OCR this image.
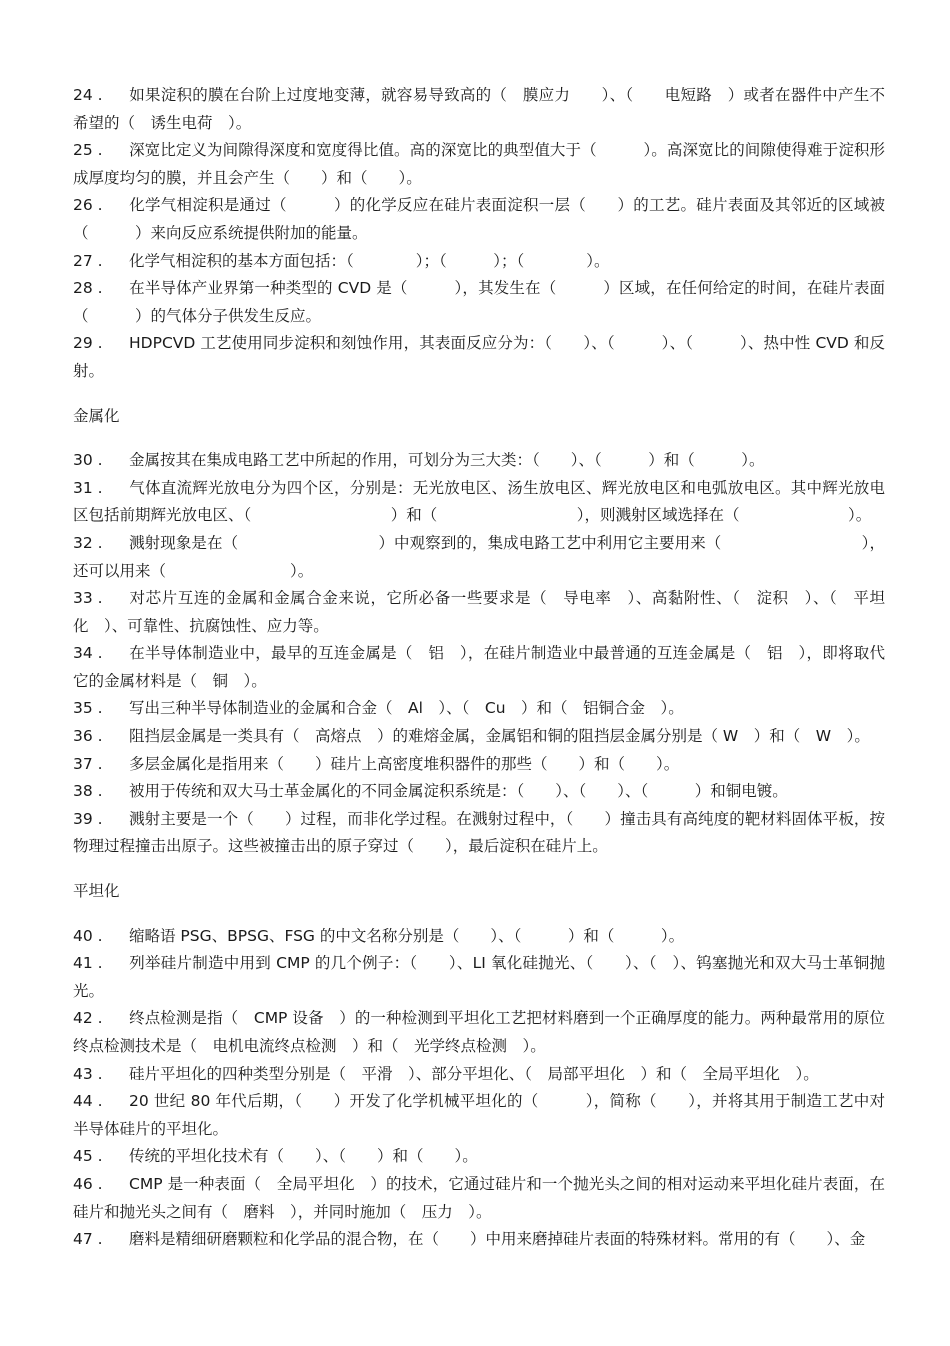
24 . 如果淀积的膜在台阶上过度地变薄，就容易导致高的（　膜应力　　）、（　　电短路　）或者在器件中产生不希望的（　诱生电荷　）。

25 . 深宽比定义为间隙得深度和宽度得比值。高的深宽比的典型值大于（　　　）。高深宽比的间隙使得难于淀积形成厚度均匀的膜，并且会产生（　　）和（　　）。

26 . 化学气相淀积是通过（　　　）的化学反应在硅片表面淀积一层（　　）的工艺。硅片表面及其邻近的区域被（　　　）来向反应系统提供附加的能量。

27 . 化学气相淀积的基本方面包括：（　　　　）；（　　　）；（　　　　）。

28 . 在半导体产业界第一种类型的 CVD 是（　　　），其发生在（　　　）区域，在任何给定的时间，在硅片表面（　　　）的气体分子供发生反应。

29 . HDPCVD 工艺使用同步淀积和刻蚀作用，其表面反应分为：（　　）、（　　　）、（　　　）、热中性 CVD 和反射。

金属化

30 . 金属按其在集成电路工艺中所起的作用，可划分为三大类：（　　）、（　　　）和（　　　）。

31 . 气体直流辉光放电分为四个区，分别是：无光放电区、汤生放电区、辉光放电区和电弧放电区。其中辉光放电区包括前期辉光放电区、（　　　　　　　　　）和（　　　　　　　　　），则溅射区域选择在（　　　　　　　）。

32 . 溅射现象是在（　　　　　　　　　）中观察到的，集成电路工艺中利用它主要用来（　　　　　　　　　），还可以用来（　　　　　　　　）。

33 . 对芯片互连的金属和金属合金来说，它所必备一些要求是（　导电率　）、高黏附性、（　淀积　）、（　平坦化　）、可靠性、抗腐蚀性、应力等。

34 . 在半导体制造业中，最早的互连金属是（　铝　），在硅片制造业中最普通的互连金属是（　铝　），即将取代它的金属材料是（　铜　）。

35 . 写出三种半导体制造业的金属和合金（　Al　）、（　Cu　）和（　铝铜合金　）。

36 . 阻挡层金属是一类具有（　高熔点　）的难熔金属，金属铝和铜的阻挡层金属分别是（ W　）和（　W　）。

37 . 多层金属化是指用来（　　）硅片上高密度堆积器件的那些（　　）和（　　）。

38 . 被用于传统和双大马士革金属化的不同金属淀积系统是：（　　）、（　　）、（　　　）和铜电镀。

39 . 溅射主要是一个（　　）过程，而非化学过程。在溅射过程中，（　　）撞击具有高纯度的靶材料固体平板，按物理过程撞击出原子。这些被撞击出的原子穿过（　　），最后淀积在硅片上。

平坦化

40 . 缩略语 PSG、BPSG、FSG 的中文名称分别是（　　）、（　　　）和（　　　）。

41 . 列举硅片制造中用到 CMP 的几个例子：（　　）、LI 氧化硅抛光、（　　）、（　）、钨塞抛光和双大马士革铜抛光。

42 . 终点检测是指（　CMP 设备　）的一种检测到平坦化工艺把材料磨到一个正确厚度的能力。两种最常用的原位终点检测技术是（　电机电流终点检测　）和（　光学终点检测　）。

43 . 硅片平坦化的四种类型分别是（　平滑　）、部分平坦化、（　局部平坦化　）和（　全局平坦化　）。

44 . 20 世纪 80 年代后期，（　　）开发了化学机械平坦化的（　　　），简称（　　），并将其用于制造工艺中对半导体硅片的平坦化。

45 . 传统的平坦化技术有（　　）、（　　）和（　　）。

46 . CMP 是一种表面（　全局平坦化　）的技术，它通过硅片和一个抛光头之间的相对运动来平坦化硅片表面，在硅片和抛光头之间有（　磨料　），并同时施加（　压力　）。

47 . 磨料是精细研磨颗粒和化学品的混合物，在（　　）中用来磨掉硅片表面的特殊材料。常用的有（　　）、金
